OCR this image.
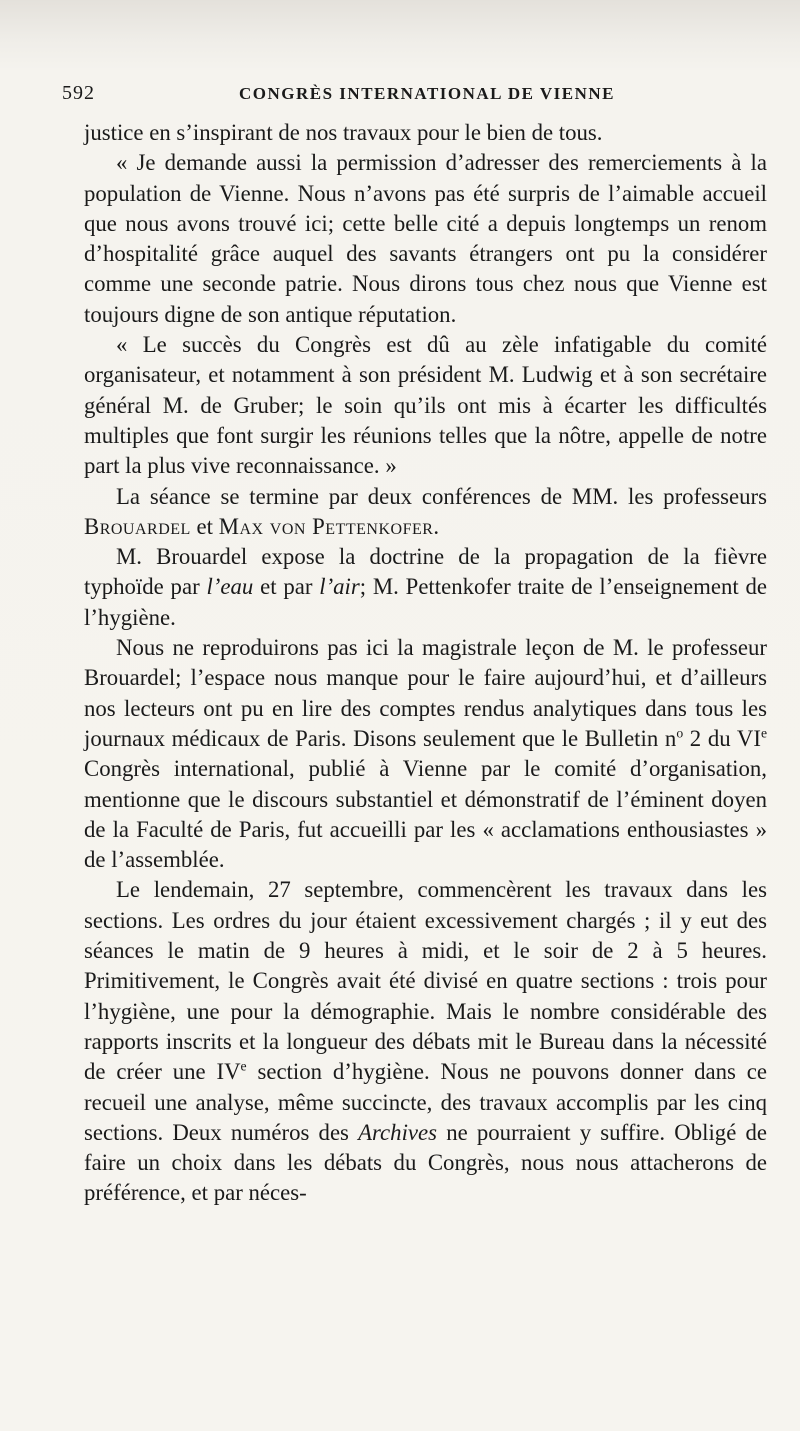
592	CONGRÈS INTERNATIONAL DE VIENNE

justice en s’inspirant de nos travaux pour le bien de tous.

« Je demande aussi la permission d’adresser des remerciements à la population de Vienne. Nous n’avons pas été surpris de l’aimable accueil que nous avons trouvé ici; cette belle cité a depuis longtemps un renom d’hospitalité grâce auquel des savants étrangers ont pu la considérer comme une seconde patrie. Nous dirons tous chez nous que Vienne est toujours digne de son antique réputation.

« Le succès du Congrès est dû au zèle infatigable du comité organisateur, et notamment à son président M. Ludwig et à son secrétaire général M. de Gruber; le soin qu’ils ont mis à écarter les difficultés multiples que font surgir les réunions telles que la nôtre, appelle de notre part la plus vive reconnaissance. »

La séance se termine par deux conférences de MM. les professeurs Brouardel et Max von Pettenkofer.

M. Brouardel expose la doctrine de la propagation de la fièvre typhoïde par l’eau et par l’air; M. Pettenkofer traite de l’enseignement de l’hygiène.

Nous ne reproduirons pas ici la magistrale leçon de M. le professeur Brouardel; l’espace nous manque pour le faire aujourd’hui, et d’ailleurs nos lecteurs ont pu en lire des comptes rendus analytiques dans tous les journaux médicaux de Paris. Disons seulement que le Bulletin $n^o$ 2 du VIe Congrès international, publié à Vienne par le comité d’organisation, mentionne que le discours substantiel et démonstratif de l’éminent doyen de la Faculté de Paris, fut accueilli par les « acclamations enthousiastes » de l’assemblée.

Le lendemain, 27 septembre, commencèrent les travaux dans les sections. Les ordres du jour étaient excessivement chargés ; il y eut des séances le matin de 9 heures à midi, et le soir de 2 à 5 heures. Primitivement, le Congrès avait été divisé en quatre sections : trois pour l’hygiène, une pour la démographie. Mais le nombre considérable des rapports inscrits et la longueur des débats mit le Bureau dans la nécessité de créer une IVe section d’hygiène. Nous ne pouvons donner dans ce recueil une analyse, même succincte, des travaux accomplis par les cinq sections. Deux numéros des Archives ne pourraient y suffire. Obligé de faire un choix dans les débats du Congrès, nous nous attacherons de préférence, et par néces-
